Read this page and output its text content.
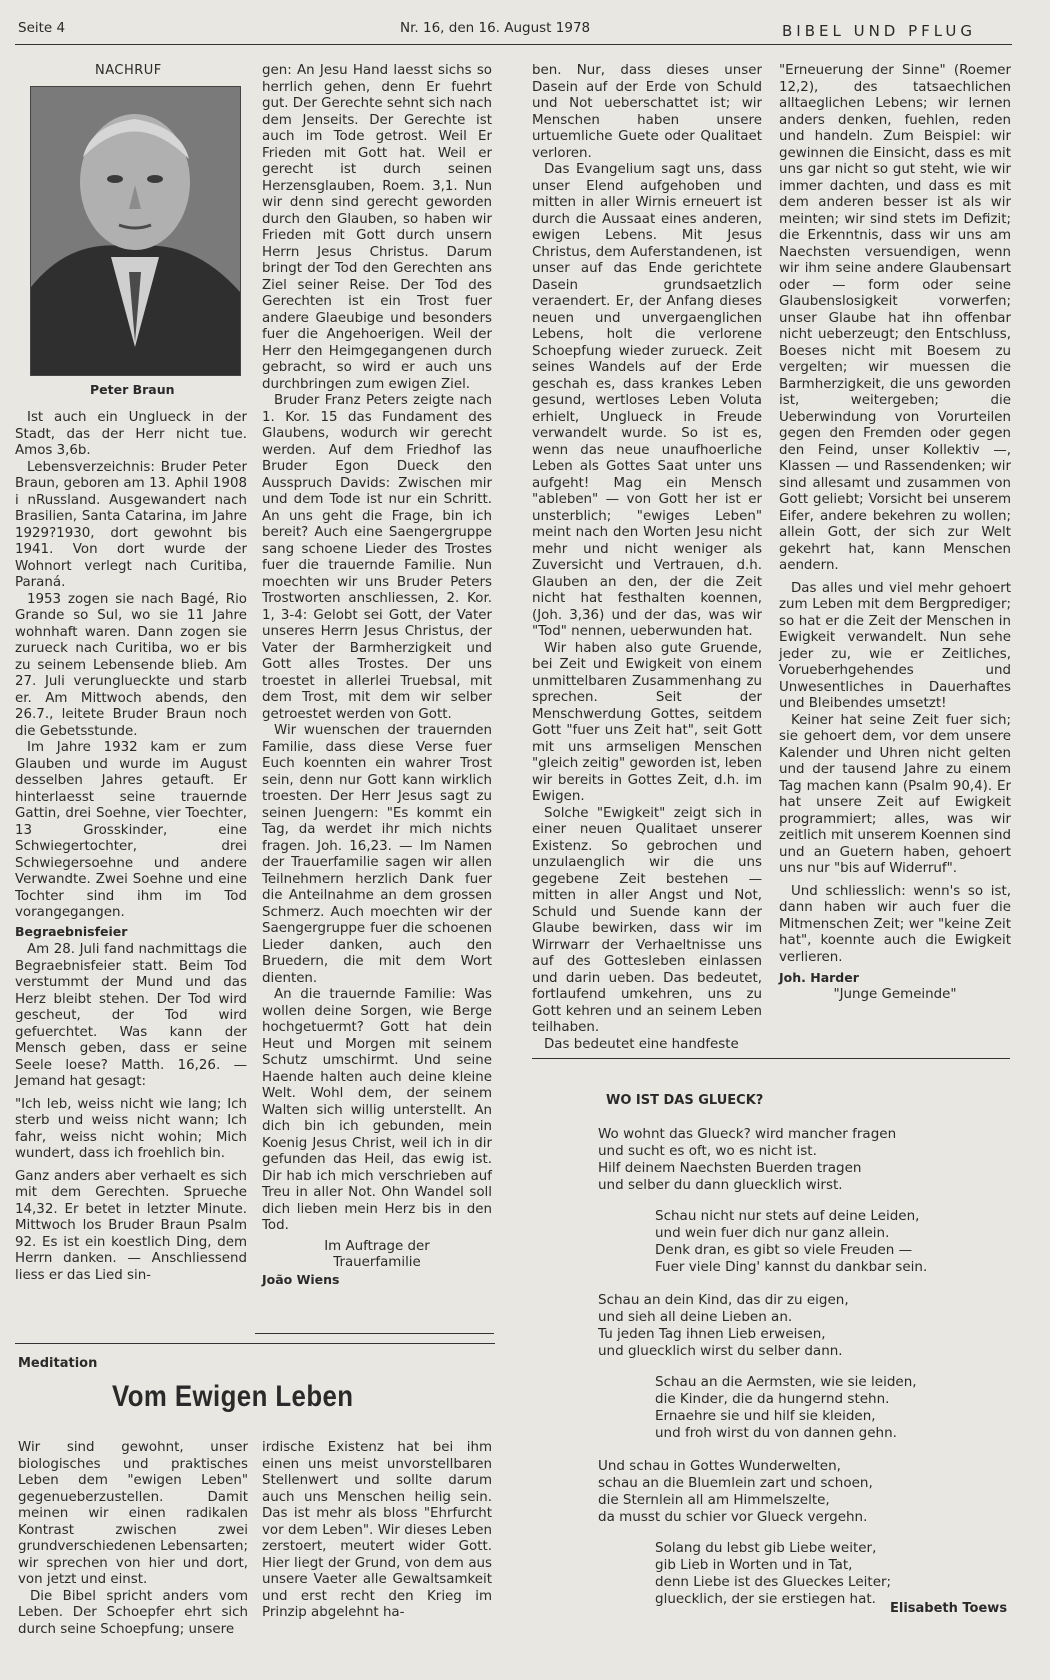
Seite 4	Nr. 16, den 16. August 1978	BIBEL UND PFLUG
NACHRUF
Peter Braun

Ist auch ein Unglueck in der Stadt, das der Herr nicht tue. Amos 3,6b.

Lebensverzeichnis: Bruder Peter Braun, geboren am 13. Aphil 1908 i nRussland. Ausgewandert nach Brasilien, Santa Catarina, im Jahre 1929?1930, dort gewohnt bis 1941. Von dort wurde der Wohnort verlegt nach Curitiba, Paraná.

1953 zogen sie nach Bagé, Rio Grande so Sul, wo sie 11 Jahre wohnhaft waren. Dann zogen sie zurueck nach Curitiba, wo er bis zu seinem Lebensende blieb. Am 27. Juli verunglueckte und starb er. Am Mittwoch abends, den 26.7., leitete Bruder Braun noch die Gebetsstunde.

Im Jahre 1932 kam er zum Glauben und wurde im August desselben Jahres getauft. Er hinterlaesst seine trauernde Gattin, drei Soehne, vier Toechter, 13 Grosskinder, eine Schwiegertochter, drei Schwiegersoehne und andere Verwandte. Zwei Soehne und eine Tochter sind ihm im Tod vorangegangen.

Begraebnisfeier

Am 28. Juli fand nachmittags die Begraebnisfeier statt. Beim Tod verstummt der Mund und das Herz bleibt stehen. Der Tod wird gescheut, der Tod wird gefuerchtet. Was kann der Mensch geben, dass er seine Seele loese? Matth. 16,26. — Jemand hat gesagt:

"Ich leb, weiss nicht wie lang; Ich sterb und weiss nicht wann; Ich fahr, weiss nicht wohin; Mich wundert, dass ich froehlich bin.

Ganz anders aber verhaelt es sich mit dem Gerechten. Sprueche 14,32. Er betet in letzter Minute. Mittwoch los Bruder Braun Psalm 92. Es ist ein koestlich Ding, dem Herrn danken. — Anschliessend liess er das Lied sin-

gen: An Jesu Hand laesst sichs so herrlich gehen, denn Er fuehrt gut. Der Gerechte sehnt sich nach dem Jenseits. Der Gerechte ist auch im Tode getrost. Weil Er Frieden mit Gott hat. Weil er gerecht ist durch seinen Herzensglauben, Roem. 3,1. Nun wir denn sind gerecht geworden durch den Glauben, so haben wir Frieden mit Gott durch unsern Herrn Jesus Christus. Darum bringt der Tod den Gerechten ans Ziel seiner Reise. Der Tod des Gerechten ist ein Trost fuer andere Glaeubige und besonders fuer die Angehoerigen. Weil der Herr den Heimgegangenen durch gebracht, so wird er auch uns durchbringen zum ewigen Ziel.

Bruder Franz Peters zeigte nach 1. Kor. 15 das Fundament des Glaubens, wodurch wir gerecht werden. Auf dem Friedhof las Bruder Egon Dueck den Ausspruch Davids: Zwischen mir und dem Tode ist nur ein Schritt. An uns geht die Frage, bin ich bereit? Auch eine Saengergruppe sang schoene Lieder des Trostes fuer die trauernde Familie. Nun moechten wir uns Bruder Peters Trostworten anschliessen, 2. Kor. 1, 3-4: Gelobt sei Gott, der Vater unseres Herrn Jesus Christus, der Vater der Barmherzigkeit und Gott alles Trostes. Der uns troestet in allerlei Truebsal, mit dem Trost, mit dem wir selber getroestet werden von Gott.

Wir wuenschen der trauernden Familie, dass diese Verse fuer Euch koennten ein wahrer Trost sein, denn nur Gott kann wirklich troesten. Der Herr Jesus sagt zu seinen Juengern: "Es kommt ein Tag, da werdet ihr mich nichts fragen. Joh. 16,23. — Im Namen der Trauerfamilie sagen wir allen Teilnehmern herzlich Dank fuer die Anteilnahme an dem grossen Schmerz. Auch moechten wir der Saengergruppe fuer die schoenen Lieder danken, auch den Bruedern, die mit dem Wort dienten.

An die trauernde Familie: Was wollen deine Sorgen, wie Berge hochgetuermt? Gott hat dein Heut und Morgen mit seinem Schutz umschirmt. Und seine Haende halten auch deine kleine Welt. Wohl dem, der seinem Walten sich willig unterstellt. An dich bin ich gebunden, mein Koenig Jesus Christ, weil ich in dir gefunden das Heil, das ewig ist. Dir hab ich mich verschrieben auf Treu in aller Not. Ohn Wandel soll dich lieben mein Herz bis in den Tod.

Im Auftrage der

Trauerfamilie

João Wiens

ben. Nur, dass dieses unser Dasein auf der Erde von Schuld und Not ueberschattet ist; wir Menschen haben unsere urtuemliche Guete oder Qualitaet verloren.

Das Evangelium sagt uns, dass unser Elend aufgehoben und mitten in aller Wirnis erneuert ist durch die Aussaat eines anderen, ewigen Lebens. Mit Jesus Christus, dem Auferstandenen, ist unser auf das Ende gerichtete Dasein grundsaetzlich veraendert. Er, der Anfang dieses neuen und unvergaenglichen Lebens, holt die verlorene Schoepfung wieder zurueck. Zeit seines Wandels auf der Erde geschah es, dass krankes Leben gesund, wertloses Leben Voluta erhielt, Unglueck in Freude verwandelt wurde. So ist es, wenn das neue unaufhoerliche Leben als Gottes Saat unter uns aufgeht! Mag ein Mensch "ableben" — von Gott her ist er unsterblich; "ewiges Leben" meint nach den Worten Jesu nicht mehr und nicht weniger als Zuversicht und Vertrauen, d.h. Glauben an den, der die Zeit nicht hat festhalten koennen, (Joh. 3,36) und der das, was wir "Tod" nennen, ueberwunden hat.

Wir haben also gute Gruende, bei Zeit und Ewigkeit von einem unmittelbaren Zusammenhang zu sprechen. Seit der Menschwerdung Gottes, seitdem Gott "fuer uns Zeit hat", seit Gott mit uns armseligen Menschen "gleich zeitig" geworden ist, leben wir bereits in Gottes Zeit, d.h. im Ewigen.

Solche "Ewigkeit" zeigt sich in einer neuen Qualitaet unserer Existenz. So gebrochen und unzulaenglich wir die uns gegebene Zeit bestehen — mitten in aller Angst und Not, Schuld und Suende kann der Glaube bewirken, dass wir im Wirrwarr der Verhaeltnisse uns auf des Gottesleben einlassen und darin ueben. Das bedeutet, fortlaufend umkehren, uns zu Gott kehren und an seinem Leben teilhaben.

Das bedeutet eine handfeste

"Erneuerung der Sinne" (Roemer 12,2), des tatsaechlichen alltaeglichen Lebens; wir lernen anders denken, fuehlen, reden und handeln. Zum Beispiel: wir gewinnen die Einsicht, dass es mit uns gar nicht so gut steht, wie wir immer dachten, und dass es mit dem anderen besser ist als wir meinten; wir sind stets im Defizit; die Erkenntnis, dass wir uns am Naechsten versuendigen, wenn wir ihm seine andere Glaubensart oder — form oder seine Glaubenslosigkeit vorwerfen; unser Glaube hat ihn offenbar nicht ueberzeugt; den Entschluss, Boeses nicht mit Boesem zu vergelten; wir muessen die Barmherzigkeit, die uns geworden ist, weitergeben; die Ueberwindung von Vorurteilen gegen den Fremden oder gegen den Feind, unser Kollektiv —, Klassen — und Rassendenken; wir sind allesamt und zusammen von Gott geliebt; Vorsicht bei unserem Eifer, andere bekehren zu wollen; allein Gott, der sich zur Welt gekehrt hat, kann Menschen aendern.

Das alles und viel mehr gehoert zum Leben mit dem Bergprediger; so hat er die Zeit der Menschen in Ewigkeit verwandelt. Nun sehe jeder zu, wie er Zeitliches, Vorueberhgehendes und Unwesentliches in Dauerhaftes und Bleibendes umsetzt!

Keiner hat seine Zeit fuer sich; sie gehoert dem, vor dem unsere Kalender und Uhren nicht gelten und der tausend Jahre zu einem Tag machen kann (Psalm 90,4). Er hat unsere Zeit auf Ewigkeit programmiert; alles, was wir zeitlich mit unserem Koennen sind und an Guetern haben, gehoert uns nur "bis auf Widerruf".

Und schliesslich: wenn's so ist, dann haben wir auch fuer die Mitmenschen Zeit; wer "keine Zeit hat", koennte auch die Ewigkeit verlieren.

Joh. Harder

"Junge Gemeinde"

Meditation
Vom Ewigen Leben

Wir sind gewohnt, unser biologisches und praktisches Leben dem "ewigen Leben" gegenueberzustellen. Damit meinen wir einen radikalen Kontrast zwischen zwei grundverschiedenen Lebensarten; wir sprechen von hier und dort, von jetzt und einst.

Die Bibel spricht anders vom Leben. Der Schoepfer ehrt sich durch seine Schoepfung; unsere

irdische Existenz hat bei ihm einen uns meist unvorstellbaren Stellenwert und sollte darum auch uns Menschen heilig sein. Das ist mehr als bloss "Ehrfurcht vor dem Leben". Wir dieses Leben zerstoert, meutert wider Gott. Hier liegt der Grund, von dem aus unsere Vaeter alle Gewaltsamkeit und erst recht den Krieg im Prinzip abgelehnt ha-

WO IST DAS GLUECK?
Wo wohnt das Glueck? wird mancher fragen
und sucht es oft, wo es nicht ist.
Hilf deinem Naechsten Buerden tragen
und selber du dann gluecklich wirst.
Schau nicht nur stets auf deine Leiden,
und wein fuer dich nur ganz allein.
Denk dran, es gibt so viele Freuden —
Fuer viele Ding' kannst du dankbar sein.
Schau an dein Kind, das dir zu eigen,
und sieh all deine Lieben an.
Tu jeden Tag ihnen Lieb erweisen,
und gluecklich wirst du selber dann.
Schau an die Aermsten, wie sie leiden,
die Kinder, die da hungernd stehn.
Ernaehre sie und hilf sie kleiden,
und froh wirst du von dannen gehn.
Und schau in Gottes Wunderwelten,
schau an die Bluemlein zart und schoen,
die Sternlein all am Himmelszelte,
da musst du schier vor Glueck vergehn.
Solang du lebst gib Liebe weiter,
gib Lieb in Worten und in Tat,
denn Liebe ist des Glueckes Leiter;
gluecklich, der sie erstiegen hat.
Elisabeth Toews
